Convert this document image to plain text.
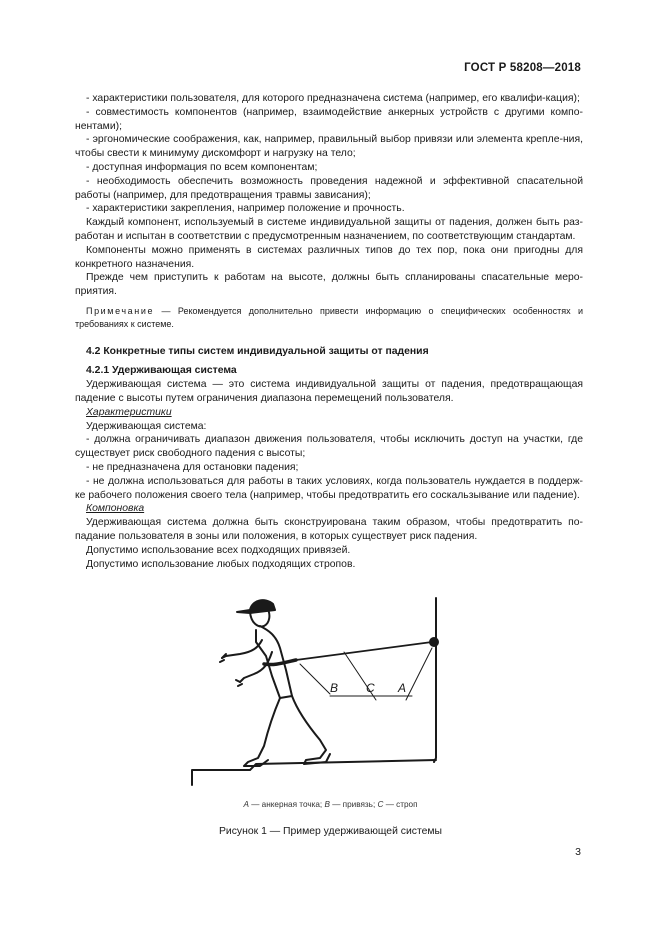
ГОСТ Р 58208—2018

- характеристики пользователя, для которого предназначена система (например, его квалифи-кация);

- совместимость компонентов (например, взаимодействие анкерных устройств с другими компо-нентами);

- эргономические соображения, как, например, правильный выбор привязи или элемента крепле-ния, чтобы свести к минимуму дискомфорт и нагрузку на тело;

- доступная информация по всем компонентам;

- необходимость обеспечить возможность проведения надежной и эффективной спасательной работы (например, для предотвращения травмы зависания);

- характеристики закрепления, например положение и прочность.

Каждый компонент, используемый в системе индивидуальной защиты от падения, должен быть раз-работан и испытан в соответствии с предусмотренным назначением, по соответствующим стандартам.

Компоненты можно применять в системах различных типов до тех пор, пока они пригодны для конкретного назначения.

Прежде чем приступить к работам на высоте, должны быть спланированы спасательные меро-приятия.

Примечание — Рекомендуется дополнительно привести информацию о специфических особенностях и требованиях к системе.

4.2 Конкретные типы систем индивидуальной защиты от падения

4.2.1 Удерживающая система

Удерживающая система — это система индивидуальной защиты от падения, предотвращающая падение с высоты путем ограничения диапазона перемещений пользователя.

Характеристики

Удерживающая система:

- должна ограничивать диапазон движения пользователя, чтобы исключить доступ на участки, где существует риск свободного падения с высоты;

- не предназначена для остановки падения;

- не должна использоваться для работы в таких условиях, когда пользователь нуждается в поддерж-ке рабочего положения своего тела (например, чтобы предотвратить его соскальзывание или падение).

Компоновка

Удерживающая система должна быть сконструирована таким образом, чтобы предотвратить по-падание пользователя в зоны или положения, в которых существует риск падения.

Допустимо использование всех подходящих привязей.

Допустимо использование любых подходящих стропов.

B C A
A — анкерная точка; B — привязь; C — строп
Рисунок 1 — Пример удерживающей системы
3
